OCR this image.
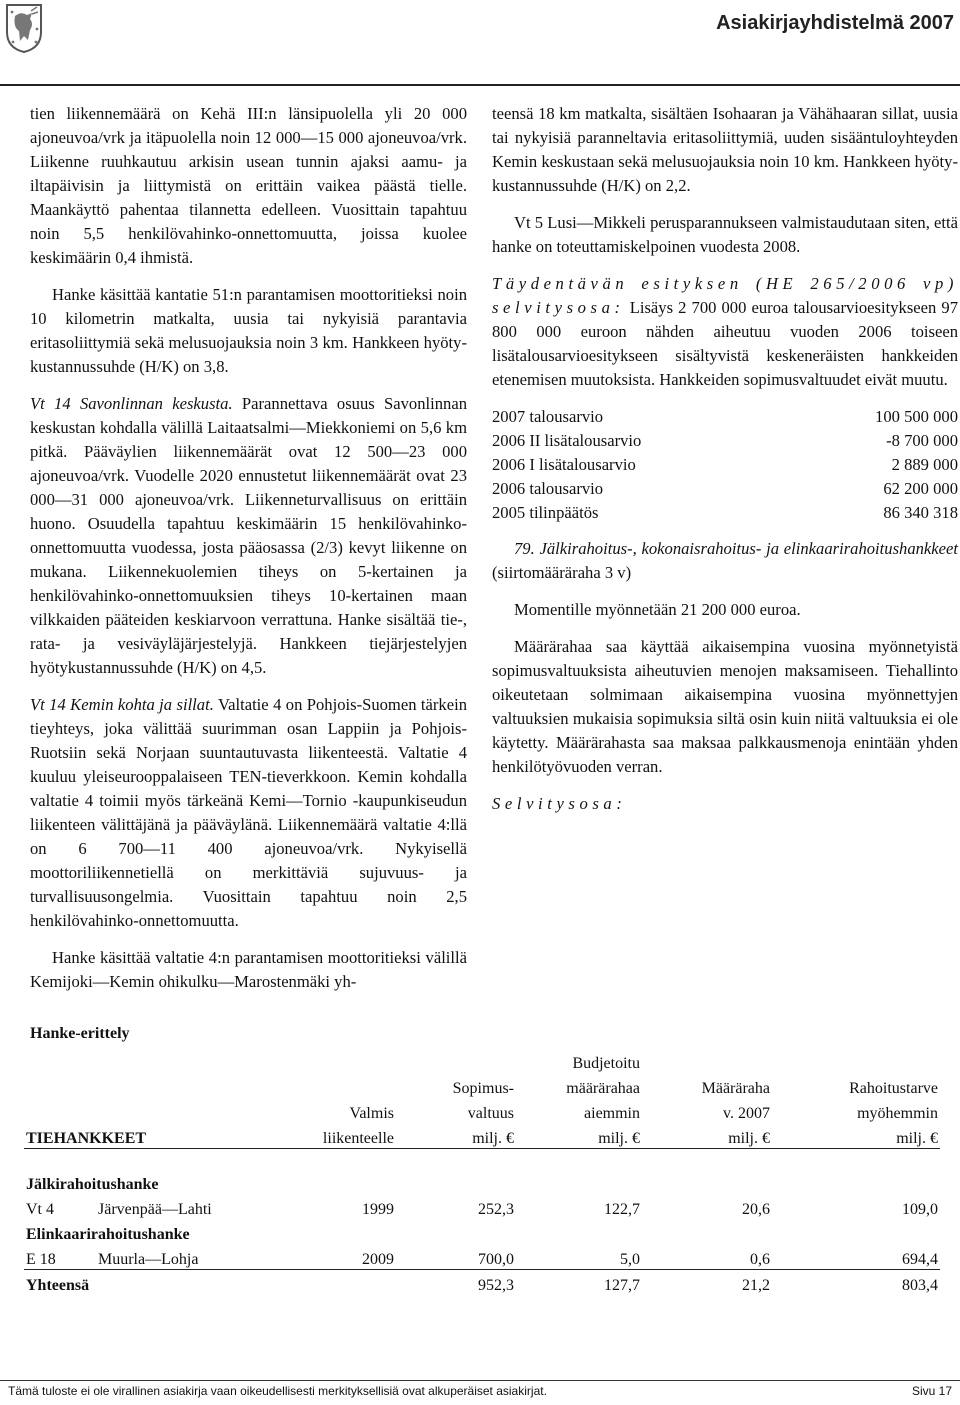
Asiakirjayhdistelmä 2007

tien liikennemäärä on Kehä III:n länsipuolella yli 20 000 ajoneuvoa/vrk ja itäpuolella noin 12 000—15 000 ajoneuvoa/vrk. Liikenne ruuhkautuu arkisin usean tunnin ajaksi aamu- ja iltapäivisin ja liittymistä on erittäin vaikea päästä tielle. Maankäyttö pahentaa tilannetta edelleen. Vuosittain tapahtuu noin 5,5 henkilövahinko-onnettomuutta, joissa kuolee keskimäärin 0,4 ihmistä.

Hanke käsittää kantatie 51:n parantamisen moottoritieksi noin 10 kilometrin matkalta, uusia tai nykyisiä parantavia eritasoliittymiä sekä melusuojauksia noin 3 km. Hankkeen hyöty-kustannussuhde (H/K) on 3,8.

Vt 14 Savonlinnan keskusta. Parannettava osuus Savonlinnan keskustan kohdalla välillä Laitaatsalmi—Miekkoniemi on 5,6 km pitkä. Pääväylien liikennemäärät ovat 12 500—23 000 ajoneuvoa/vrk. Vuodelle 2020 ennustetut liikennemäärät ovat 23 000—31 000 ajoneuvoa/vrk. Liikenneturvallisuus on erittäin huono. Osuudella tapahtuu keskimäärin 15 henkilövahinko-onnettomuutta vuodessa, josta pääosassa (2/3) kevyt liikenne on mukana. Liikennekuolemien tiheys on 5-kertainen ja henkilövahinko-onnettomuuksien tiheys 10-kertainen maan vilkkaiden pääteiden keskiarvoon verrattuna. Hanke sisältää tie-, rata- ja vesiväyläjärjestelyjä. Hankkeen tiejärjestelyjen hyötykustannussuhde (H/K) on 4,5.

Vt 14 Kemin kohta ja sillat. Valtatie 4 on Pohjois-Suomen tärkein tieyhteys, joka välittää suurimman osan Lappiin ja Pohjois-Ruotsiin sekä Norjaan suuntautuvasta liikenteestä. Valtatie 4 kuuluu yleiseurooppalaiseen TEN-tieverkkoon. Kemin kohdalla valtatie 4 toimii myös tärkeänä Kemi—Tornio -kaupunkiseudun liikenteen välittäjänä ja pääväylänä. Liikennemäärä valtatie 4:llä on 6 700—11 400 ajoneuvoa/vrk. Nykyisellä moottoriliikennetiellä on merkittäviä sujuvuus- ja turvallisuusongelmia. Vuosittain tapahtuu noin 2,5 henkilövahinko-onnettomuutta.

Hanke käsittää valtatie 4:n parantamisen moottoritieksi välillä Kemijoki—Kemin ohikulku—Marostenmäki yh-

teensä 18 km matkalta, sisältäen Isohaaran ja Vähähaaran sillat, uusia tai nykyisiä paranneltavia eritasoliittymiä, uuden sisääntuloyhteyden Kemin keskustaan sekä melusuojauksia noin 10 km. Hankkeen hyöty-kustannussuhde (H/K) on 2,2.

Vt 5 Lusi—Mikkeli perusparannukseen valmistaudutaan siten, että hanke on toteuttamiskelpoinen vuodesta 2008.

Täydentävän esityksen (HE 265/2006 vp) selvitysosa: Lisäys 2 700 000 euroa talousarvioesitykseen 97 800 000 euroon nähden aiheutuu vuoden 2006 toiseen lisätalousarvioesitykseen sisältyvistä keskeneräisten hankkeiden etenemisen muutoksista. Hankkeiden sopimusvaltuudet eivät muutu.

2007 talousarvio	100 500 000
2006 II lisätalousarvio	-8 700 000
2006 I lisätalousarvio	2 889 000
2006 talousarvio	62 200 000
2005 tilinpäätös	86 340 318

79. Jälkirahoitus-, kokonaisrahoitus- ja elinkaarirahoitushankkeet (siirtomääräraha 3 v)

Momentille myönnetään 21 200 000 euroa.

Määrärahaa saa käyttää aikaisempina vuosina myönnetyistä sopimusvaltuuksista aiheutuvien menojen maksamiseen. Tiehallinto oikeutetaan solmimaan aikaisempina vuosina myönnettyjen valtuuksien mukaisia sopimuksia siltä osin kuin niitä valtuuksia ei ole käytetty. Määrärahasta saa maksaa palkkausmenoja enintään yhden henkilötyövuoden verran.

Selvitysosa:

Hanke-erittely
				Budjetoitu		
			Sopimus-	määrärahaa	Määräraha	Rahoitustarve
		Valmis	valtuus	aiemmin	v. 2007	myöhemmin
TIEHANKKEET		liikenteelle	milj. €	milj. €	milj. €	milj. €

Jälkirahoitushanke						
Vt 4	Järvenpää—Lahti	1999	252,3	122,7	20,6	109,0
Elinkaarirahoitushanke						
E 18	Muurla—Lohja	2009	700,0	5,0	0,6	694,4
Yhteensä			952,3	127,7	21,2	803,4
Tämä tuloste ei ole virallinen asiakirja vaan oikeudellisesti merkityksellisiä ovat alkuperäiset asiakirjat.	Sivu 17
